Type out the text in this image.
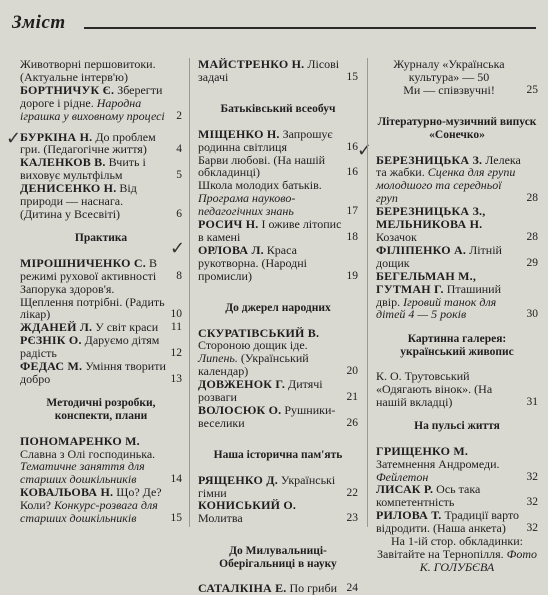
Зміст
✓
✓
✓

Животворні першовитоки. (Актуальне інтерв'ю)

БОРТНИЧУК Є. Зберегти дороге і рідне. Народна іграшка у виховному процесі 2

БУРКІНА Н. До проблем гри. (Педагогічне життя)	4

КАЛЕНКОВ В. Вчить і виховує мультфільм	5

ДЕНИСЕНКО Н. Від природи — наснага. (Дитина у Всесвіті)	6

Практика

МІРОШНИЧЕНКО С. В режимі рухової активності 8

Запорука здоров'я. Щеплення потрібні. (Радить лікар)	10

ЖДАНЕЙ Л. У світ краси 11

РЄЗНІК О. Даруємо дітям радість	12

ФЕДАС М. Уміння творити добро	13

Методичні розробки, конспекти, плани

ПОНОМАРЕНКО М. Славна з Олі господинька. Тематичне заняття для старших дошкільників	14

КОВАЛЬОВА Н. Що? Де? Коли? Конкурс-розвага для старших дошкільників	15

МАЙСТРЕНКО Н. Лісові задачі	15

Батьківський всеобуч

МІЩЕНКО Н. Запрошує родинна світлиця	16

Барви любові. (На нашій обкладинці)	16

Школа молодих батьків. Програма науково-педагогічних знань	17

РОСИЧ Н. І оживе літопис в камені	18

ОРЛОВА Л. Краса рукотворна. (Народні промисли)	19

До джерел народних

СКУРАТІВСЬКИЙ В. Стороною дощик іде. Липень. (Український календар)	20

ДОВЖЕНОК Г. Дитячі розваги	21

ВОЛОСЮК О. Рушники-веселики	26

Наша історична пам'ять

РЯЩЕНКО Д. Українські гімни	22

КОНИСЬКИЙ О. Молитва	23

До Милувальниці-Оберігальниці в науку

САТАЛКІНА Е. По гриби 24

Журналу «Українська культура» — 50

Ми — співзвучні!	25

Літературно-музичний випуск «Сонечко»

БЕРЕЗНИЦЬКА З. Лелека та жабки. Сценка для групи молодшого та середньої груп	28

БЕРЕЗНИЦЬКА З., МЕЛЬНИКОВА Н. Козачок	28

ФІЛІПЕНКО А. Літній дощик	29

БЕГЕЛЬМАН М., ГУТМАН Г. Пташиний двір. Ігровий танок для дітей 4 — 5 років	30

Картинна галерея: український живопис

К. О. Трутовський «Одягають вінок». (На нашій вкладці)	31

На пульсі життя

ГРИЩЕНКО М. Затемнення Андромеди. Фейлетон	32

ЛИСАК Р. Ось така компетентність	32

РИЛОВА Т. Традиції варто відродити. (Наша анкета) 32

На 1-ій стор. обкладинки: Завітайте на Тернопілля. Фото К. ГОЛУБЄВА
